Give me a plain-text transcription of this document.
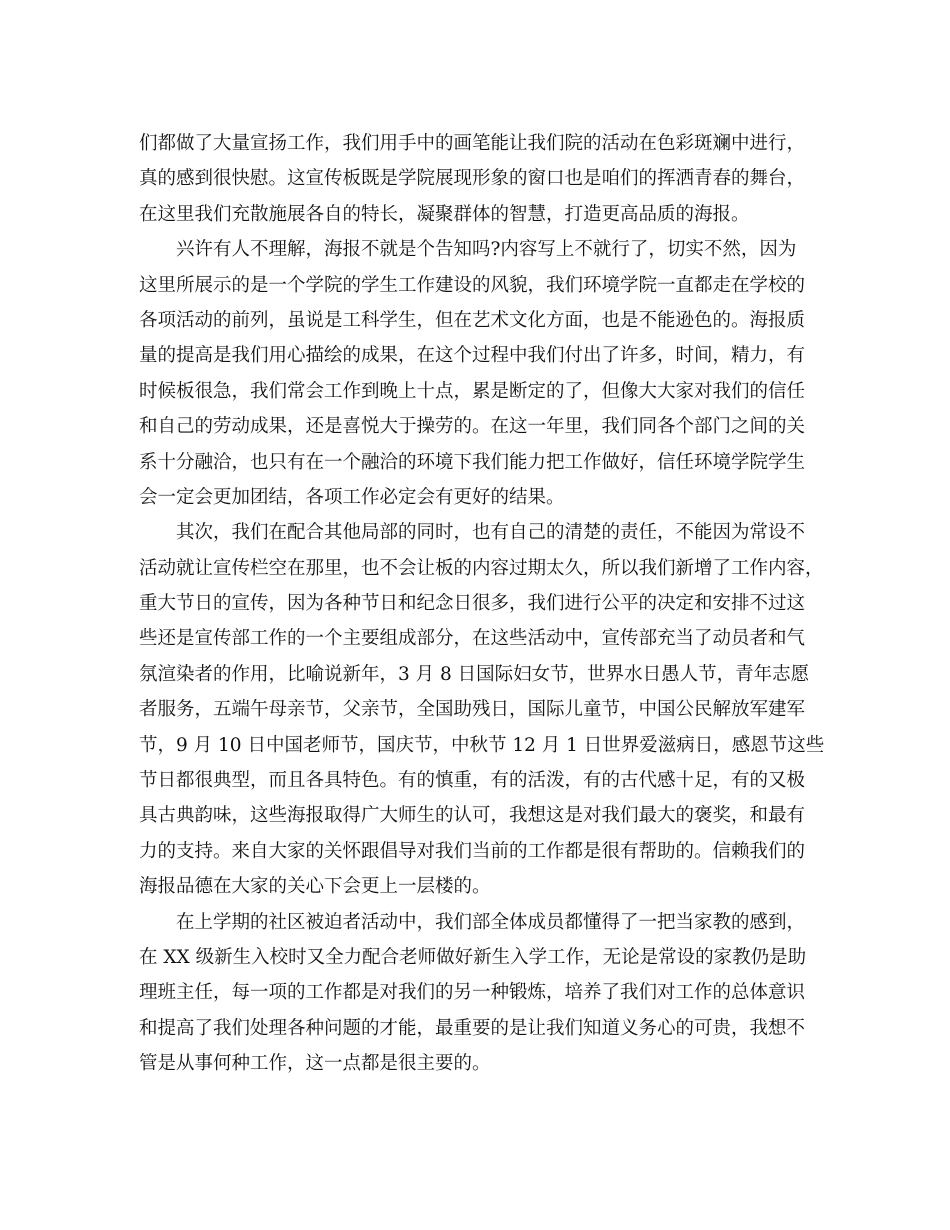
们都做了大量宣扬工作，我们用手中的画笔能让我们院的活动在色彩斑斓中进行，
真的感到很快慰。这宣传板既是学院展现形象的窗口也是咱们的挥洒青春的舞台，
在这里我们充散施展各自的特长，凝聚群体的智慧，打造更高品质的海报。
兴许有人不理解，海报不就是个告知吗?内容写上不就行了，切实不然，因为
这里所展示的是一个学院的学生工作建设的风貌，我们环境学院一直都走在学校的
各项活动的前列，虽说是工科学生，但在艺术文化方面，也是不能逊色的。海报质
量的提高是我们用心描绘的成果，在这个过程中我们付出了许多，时间，精力，有
时候板很急，我们常会工作到晚上十点，累是断定的了，但像大大家对我们的信任
和自己的劳动成果，还是喜悦大于操劳的。在这一年里，我们同各个部门之间的关
系十分融洽，也只有在一个融洽的环境下我们能力把工作做好，信任环境学院学生
会一定会更加团结，各项工作必定会有更好的结果。
其次，我们在配合其他局部的同时，也有自己的清楚的责任，不能因为常设不
活动就让宣传栏空在那里，也不会让板的内容过期太久，所以我们新增了工作内容，
重大节日的宣传，因为各种节日和纪念日很多，我们进行公平的决定和安排不过这
些还是宣传部工作的一个主要组成部分，在这些活动中，宣传部充当了动员者和气
氛渲染者的作用，比喻说新年，3 月 8 日国际妇女节，世界水日愚人节，青年志愿
者服务，五端午母亲节，父亲节，全国助残日，国际儿童节，中国公民解放军建军
节，9 月 10 日中国老师节，国庆节，中秋节 12 月 1 日世界爱滋病日，感恩节这些
节日都很典型，而且各具特色。有的慎重，有的活泼，有的古代感十足，有的又极
具古典韵味，这些海报取得广大师生的认可，我想这是对我们最大的褒奖，和最有
力的支持。来自大家的关怀跟倡导对我们当前的工作都是很有帮助的。信赖我们的
海报品德在大家的关心下会更上一层楼的。
在上学期的社区被迫者活动中，我们部全体成员都懂得了一把当家教的感到，
在 XX 级新生入校时又全力配合老师做好新生入学工作，无论是常设的家教仍是助
理班主任，每一项的工作都是对我们的另一种锻炼，培养了我们对工作的总体意识
和提高了我们处理各种问题的才能，最重要的是让我们知道义务心的可贵，我想不
管是从事何种工作，这一点都是很主要的。
